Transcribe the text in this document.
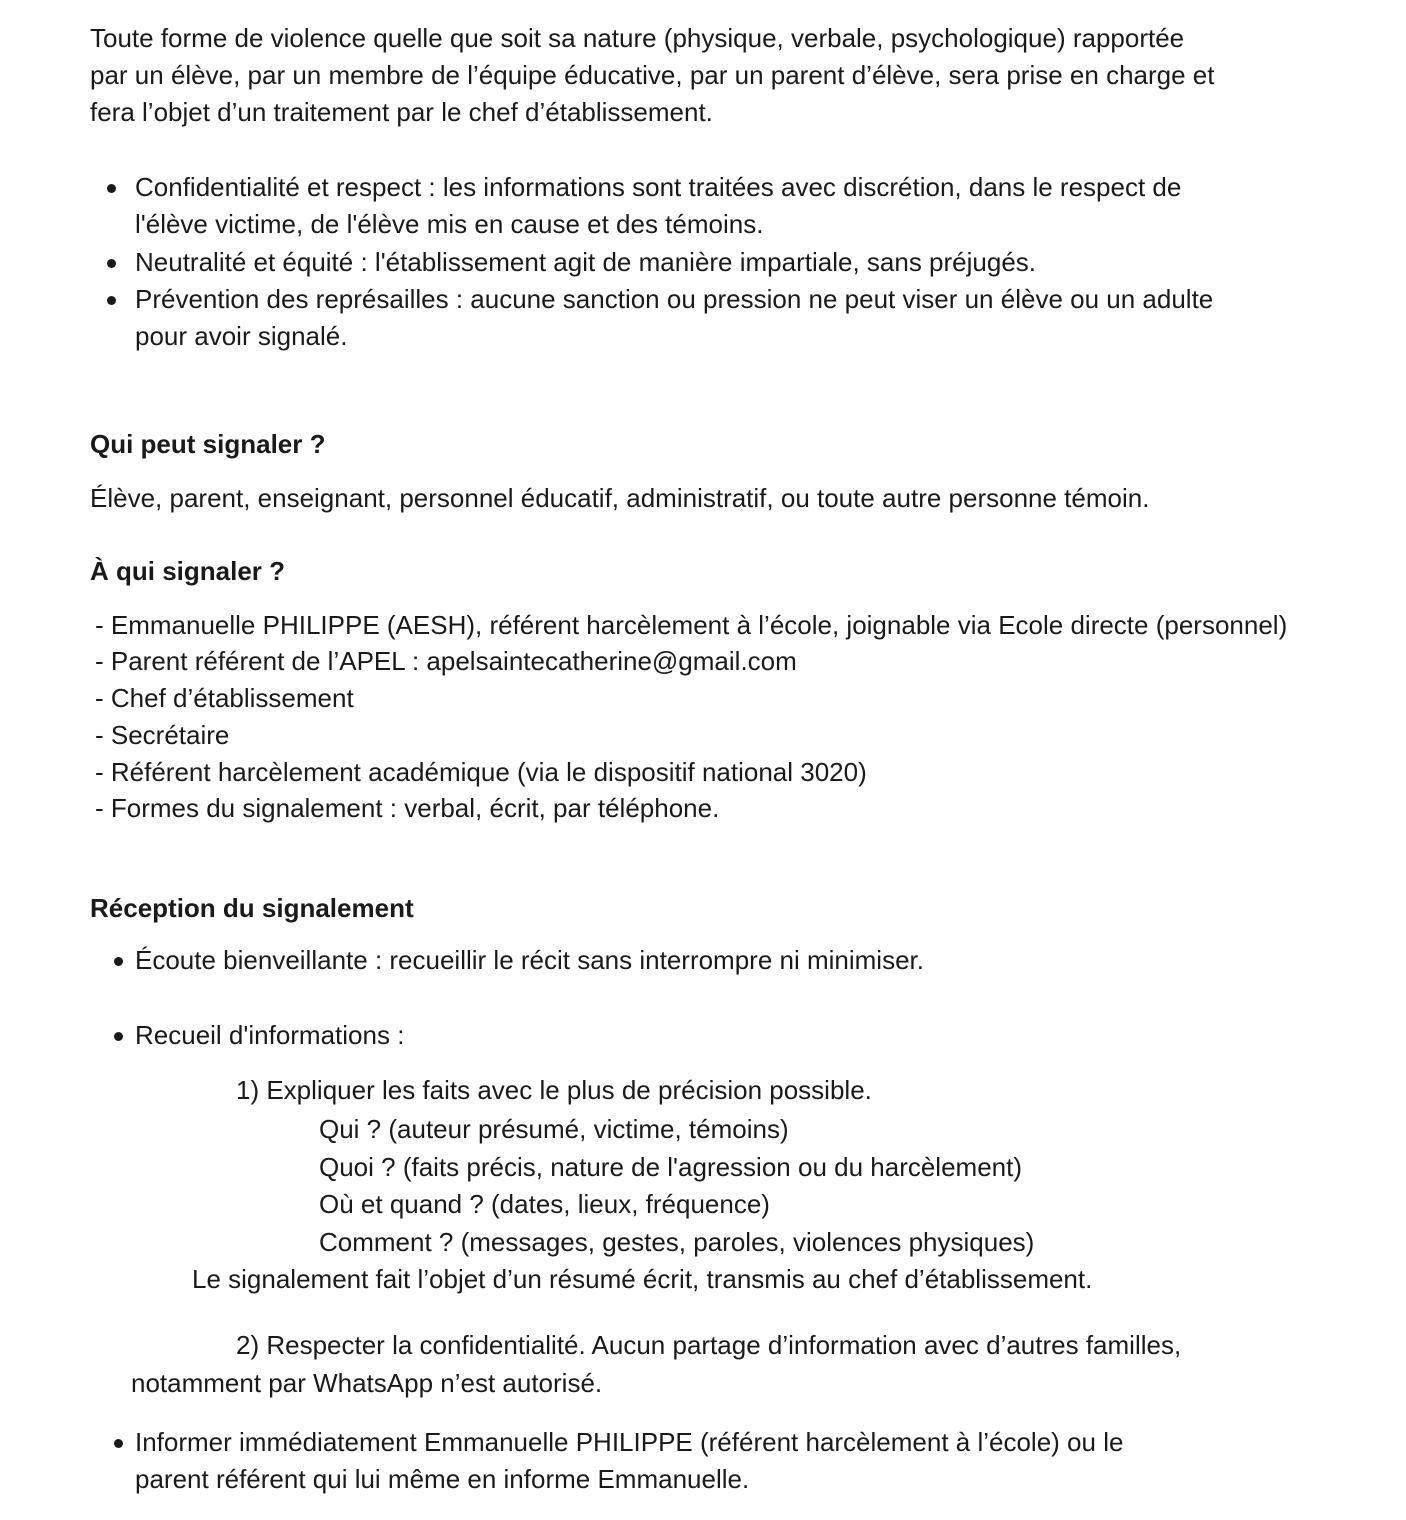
Toute forme de violence quelle que soit sa nature (physique, verbale, psychologique) rapportée

par un élève, par un membre de l’équipe éducative, par un parent d’élève, sera prise en charge et

fera l’objet d’un traitement par le chef d’établissement.

Confidentialité et respect : les informations sont traitées avec discrétion, dans le respect de

l'élève victime, de l'élève mis en cause et des témoins.

Neutralité et équité : l'établissement agit de manière impartiale, sans préjugés.

Prévention des représailles : aucune sanction ou pression ne peut viser un élève ou un adulte

pour avoir signalé.

Qui peut signaler ?

Élève, parent, enseignant, personnel éducatif, administratif, ou toute autre personne témoin.

À qui signaler ?

- Emmanuelle PHILIPPE (AESH), référent harcèlement à l’école, joignable via Ecole directe (personnel)

- Parent référent de l’APEL : apelsaintecatherine@gmail.com

- Chef d’établissement

- Secrétaire

- Référent harcèlement académique (via le dispositif national 3020)

- Formes du signalement : verbal, écrit, par téléphone.

Réception du signalement

Écoute bienveillante : recueillir le récit sans interrompre ni minimiser.

Recueil d'informations :

1) Expliquer les faits avec le plus de précision possible.

Qui ? (auteur présumé, victime, témoins)

Quoi ? (faits précis, nature de l'agression ou du harcèlement)

Où et quand ? (dates, lieux, fréquence)

Comment ? (messages, gestes, paroles, violences physiques)

Le signalement fait l’objet d’un résumé écrit, transmis au chef d’établissement.

2) Respecter la confidentialité. Aucun partage d’information avec d’autres familles,

notamment par WhatsApp n’est autorisé.

Informer immédiatement Emmanuelle PHILIPPE (référent harcèlement à l’école) ou le

parent référent qui lui même en informe Emmanuelle.
